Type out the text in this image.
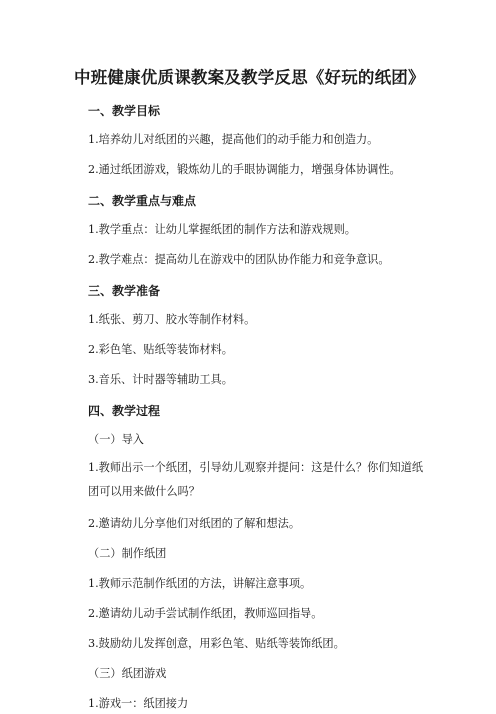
中班健康优质课教案及教学反思《好玩的纸团》
一、教学目标
1.培养幼儿对纸团的兴趣，提高他们的动手能力和创造力。
2.通过纸团游戏，锻炼幼儿的手眼协调能力，增强身体协调性。
二、教学重点与难点
1.教学重点：让幼儿掌握纸团的制作方法和游戏规则。
2.教学难点：提高幼儿在游戏中的团队协作能力和竞争意识。
三、教学准备
1.纸张、剪刀、胶水等制作材料。
2.彩色笔、贴纸等装饰材料。
3.音乐、计时器等辅助工具。
四、教学过程
（一）导入
1.教师出示一个纸团，引导幼儿观察并提问：这是什么？你们知道纸团可以用来做什么吗？
2.邀请幼儿分享他们对纸团的了解和想法。
（二）制作纸团
1.教师示范制作纸团的方法，讲解注意事项。
2.邀请幼儿动手尝试制作纸团，教师巡回指导。
3.鼓励幼儿发挥创意，用彩色笔、贴纸等装饰纸团。
（三）纸团游戏
1.游戏一：纸团接力
